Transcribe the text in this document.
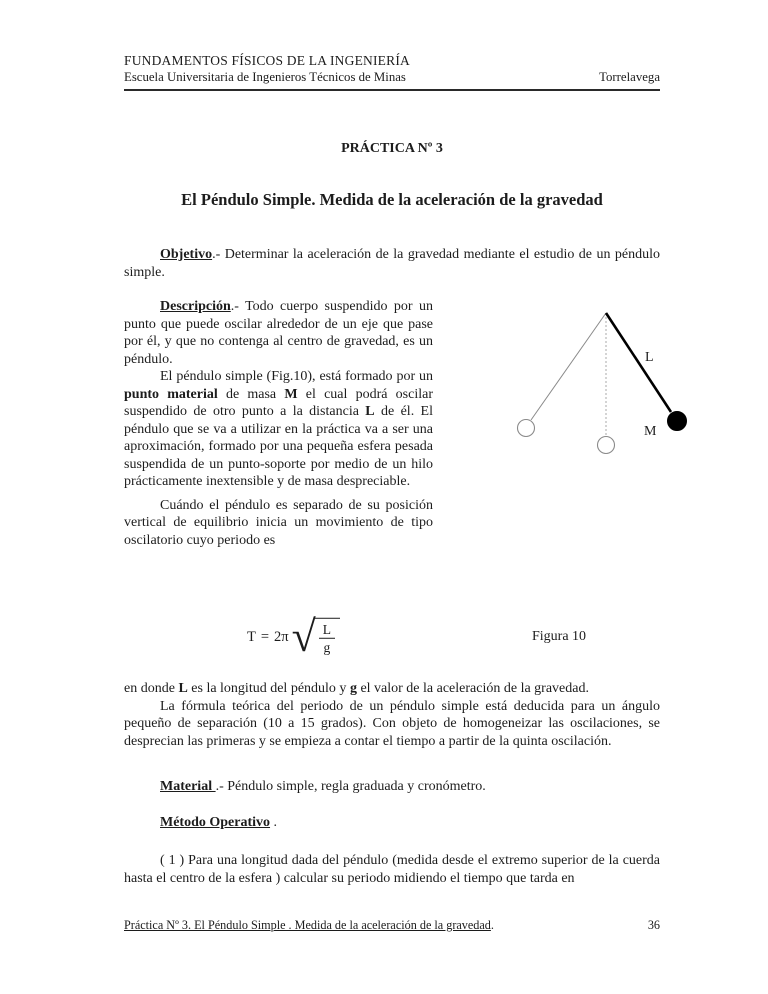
FUNDAMENTOS FÍSICOS DE LA INGENIERÍA
Escuela Universitaria de Ingenieros Técnicos de Minas	Torrelavega
PRÁCTICA Nº 3
El Péndulo Simple. Medida de la aceleración de la gravedad

Objetivo.- Determinar la aceleración de la gravedad mediante el estudio de un péndulo simple.

Descripción.- Todo cuerpo suspendido por un punto que puede oscilar alrededor de un eje que pase por él, y que no contenga al centro de gravedad, es un péndulo.

El péndulo simple (Fig.10), está formado por un punto material de masa M el cual podrá oscilar suspendido de otro punto a la distancia L de él. El péndulo que se va a utilizar en la práctica va a ser una aproximación, formado por una pequeña esfera pesada suspendida de un punto-soporte por medio de un hilo prácticamente inextensible y de masa despreciable.

Cuándo el péndulo es separado de su posición vertical de equilibrio inicia un movimiento de tipo oscilatorio cuyo periodo es

L
M
T = 2π √ L
g
Figura 10

en donde L es la longitud del péndulo y g el valor de la aceleración de la gravedad.

La fórmula teórica del periodo de un péndulo simple está deducida para un ángulo pequeño de separación (10 a 15 grados). Con objeto de homogeneizar las oscilaciones, se desprecian las primeras y se empieza a contar el tiempo a partir de la quinta oscilación.

Material .- Péndulo simple, regla graduada y cronómetro.

Método Operativo .

( 1 ) Para una longitud dada del péndulo (medida desde el extremo superior de la cuerda hasta el centro de la esfera ) calcular su periodo midiendo el tiempo que tarda en

Práctica Nº 3. El Péndulo Simple . Medida de la aceleración de la gravedad.	36
